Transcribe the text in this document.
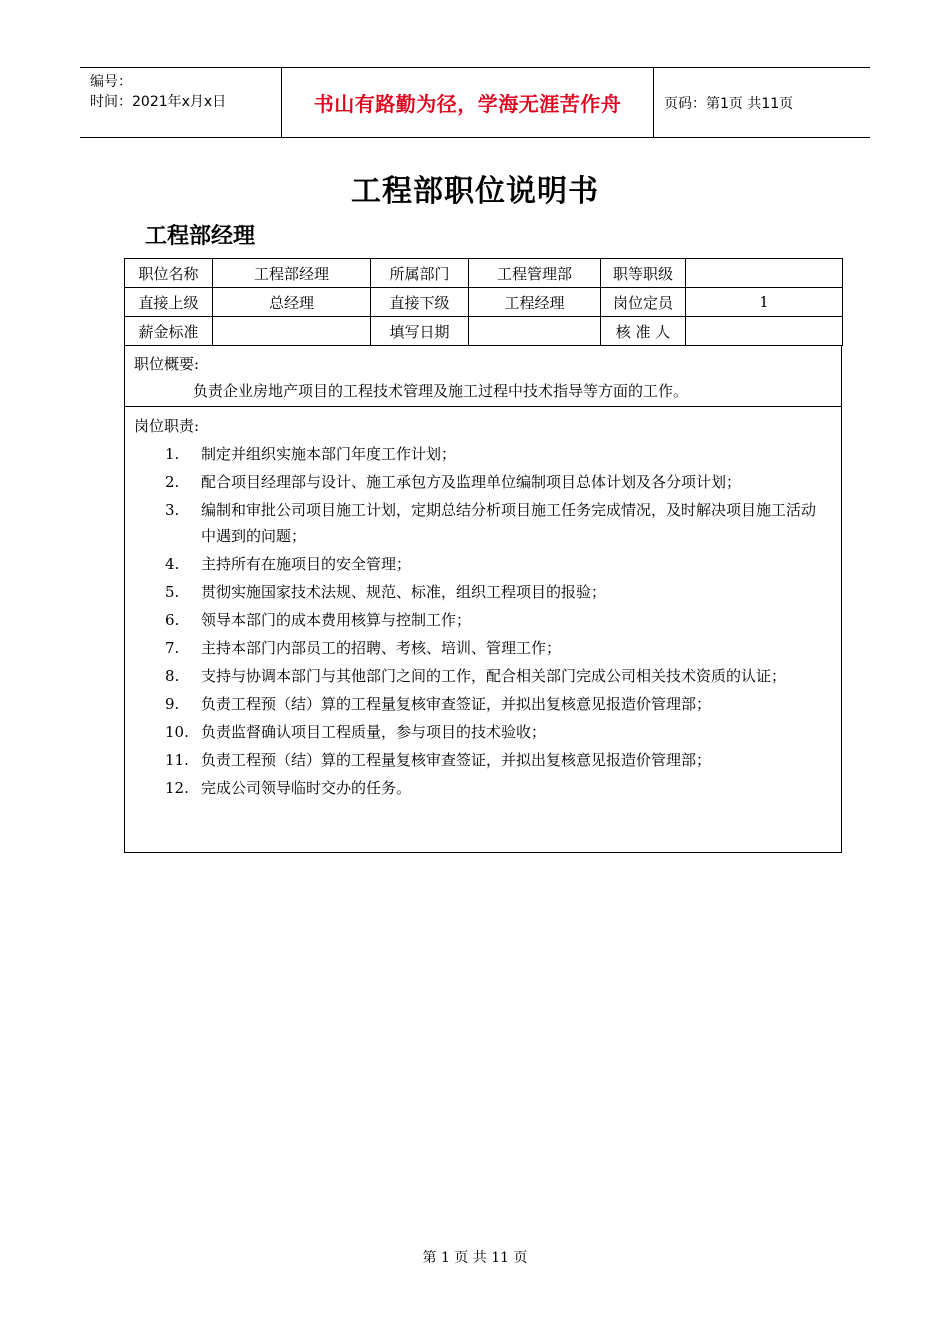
编号：
时间：2021年x月x日	书山有路勤为径，学海无涯苦作舟	页码：第1页 共11页
工程部职位说明书
工程部经理
职位名称	工程部经理	所属部门	工程管理部	职等职级	
直接上级	总经理	直接下级	工程经理	岗位定员	1
薪金标准		填写日期		核 准 人	
职位概要:
负责企业房地产项目的工程技术管理及施工过程中技术指导等方面的工作。
岗位职责:
1.	制定并组织实施本部门年度工作计划；
2.	配合项目经理部与设计、施工承包方及监理单位编制项目总体计划及各分项计划；
3.	编制和审批公司项目施工计划，定期总结分析项目施工任务完成情况，及时解决项目施工活动中遇到的问题；
4.	主持所有在施项目的安全管理；
5.	贯彻实施国家技术法规、规范、标准，组织工程项目的报验；
6.	领导本部门的成本费用核算与控制工作；
7.	主持本部门内部员工的招聘、考核、培训、管理工作；
8.	支持与协调本部门与其他部门之间的工作，配合相关部门完成公司相关技术资质的认证；
9.	负责工程预（结）算的工程量复核审查签证，并拟出复核意见报造价管理部；
10. 负责监督确认项目工程质量，参与项目的技术验收；
11. 负责工程预（结）算的工程量复核审查签证，并拟出复核意见报造价管理部；
12. 完成公司领导临时交办的任务。
第 1 页 共 11 页
